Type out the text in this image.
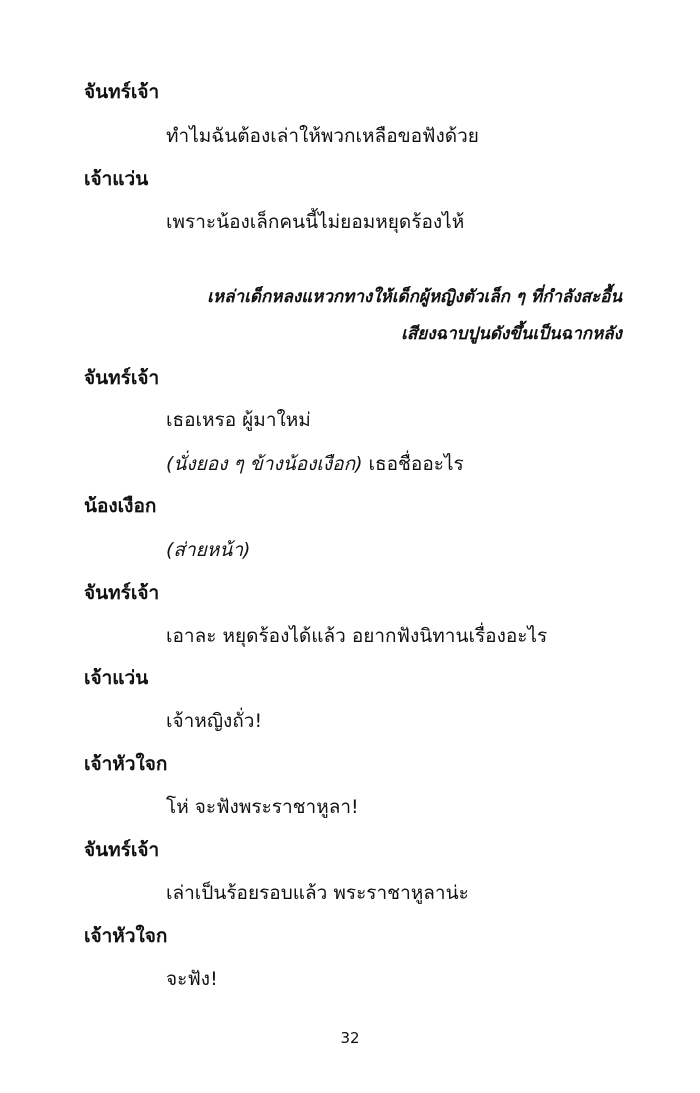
จันทร์เจ้า
ทำไมฉันต้องเล่าให้พวกเหลือขอฟังด้วย
เจ้าแว่น
เพราะน้องเล็กคนนี้ไม่ยอมหยุดร้องไห้
เหล่าเด็กหลงแหวกทางให้เด็กผู้หญิงตัวเล็ก ๆ ที่กำลังสะอื้น
เสียงฉาบปูนดังขึ้นเป็นฉากหลัง
จันทร์เจ้า
เธอเหรอ ผู้มาใหม่
(นั่งยอง ๆ ข้างน้องเงือก) เธอชื่ออะไร
น้องเงือก
(ส่ายหน้า)
จันทร์เจ้า
เอาละ หยุดร้องได้แล้ว อยากฟังนิทานเรื่องอะไร
เจ้าแว่น
เจ้าหญิงถั่ว!
เจ้าหัวใจก
โห่ จะฟังพระราชาหูลา!
จันทร์เจ้า
เล่าเป็นร้อยรอบแล้ว พระราชาหูลาน่ะ
เจ้าหัวใจก
จะฟัง!
32
